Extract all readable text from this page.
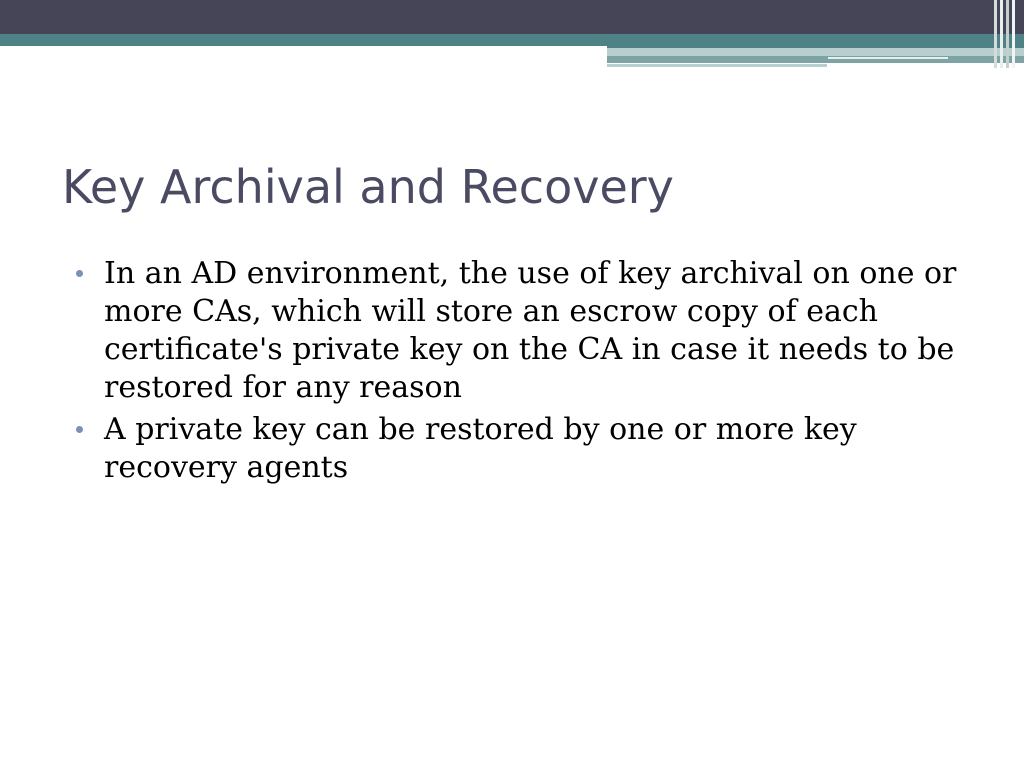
Key Archival and Recovery
In an AD environment, the use of key archival on one or more CAs, which will store an escrow copy of each certificate's private key on the CA in case it needs to be restored for any reason
A private key can be restored by one or more key recovery agents
